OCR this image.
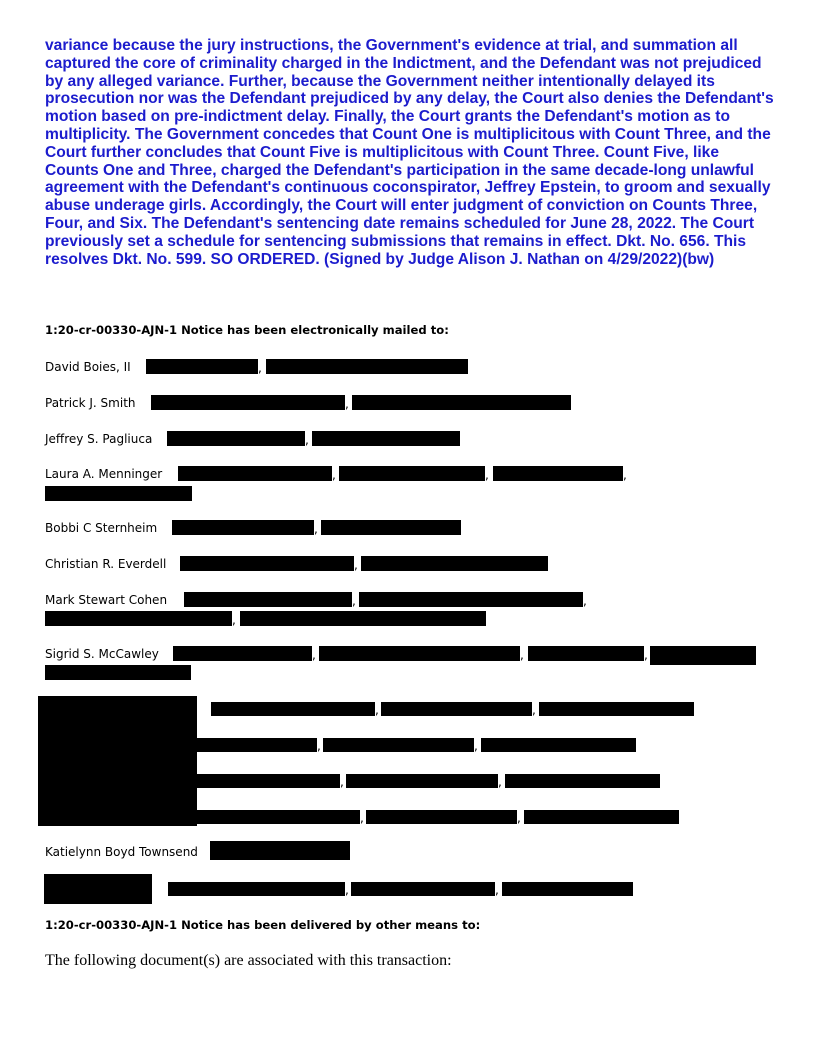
variance because the jury instructions, the Government's evidence at trial, and summation all captured the core of criminality charged in the Indictment, and the Defendant was not prejudiced by any alleged variance. Further, because the Government neither intentionally delayed its prosecution nor was the Defendant prejudiced by any delay, the Court also denies the Defendant's motion based on pre-indictment delay. Finally, the Court grants the Defendant's motion as to multiplicity. The Government concedes that Count One is multiplicitous with Count Three, and the Court further concludes that Count Five is multiplicitous with Count Three. Count Five, like Counts One and Three, charged the Defendant's participation in the same decade-long unlawful agreement with the Defendant's continuous coconspirator, Jeffrey Epstein, to groom and sexually abuse underage girls. Accordingly, the Court will enter judgment of conviction on Counts Three, Four, and Six. The Defendant's sentencing date remains scheduled for June 28, 2022. The Court previously set a schedule for sentencing submissions that remains in effect. Dkt. No. 656. This resolves Dkt. No. 599. SO ORDERED. (Signed by Judge Alison J. Nathan on 4/29/2022)(bw)
1:20-cr-00330-AJN-1 Notice has been electronically mailed to:
David Boies, II	,
Patrick J. Smith	,
Jeffrey S. Pagliuca	,
Laura A. Menninger	,	,	,
Bobbi C Sternheim	,
Christian R. Everdell	,
Mark Stewart Cohen	,	,
,
Sigrid S. McCawley	,	,	,
,	,
,	,
,	,
,	,
Katielynn Boyd Townsend
,	,
1:20-cr-00330-AJN-1 Notice has been delivered by other means to:
The following document(s) are associated with this transaction:
